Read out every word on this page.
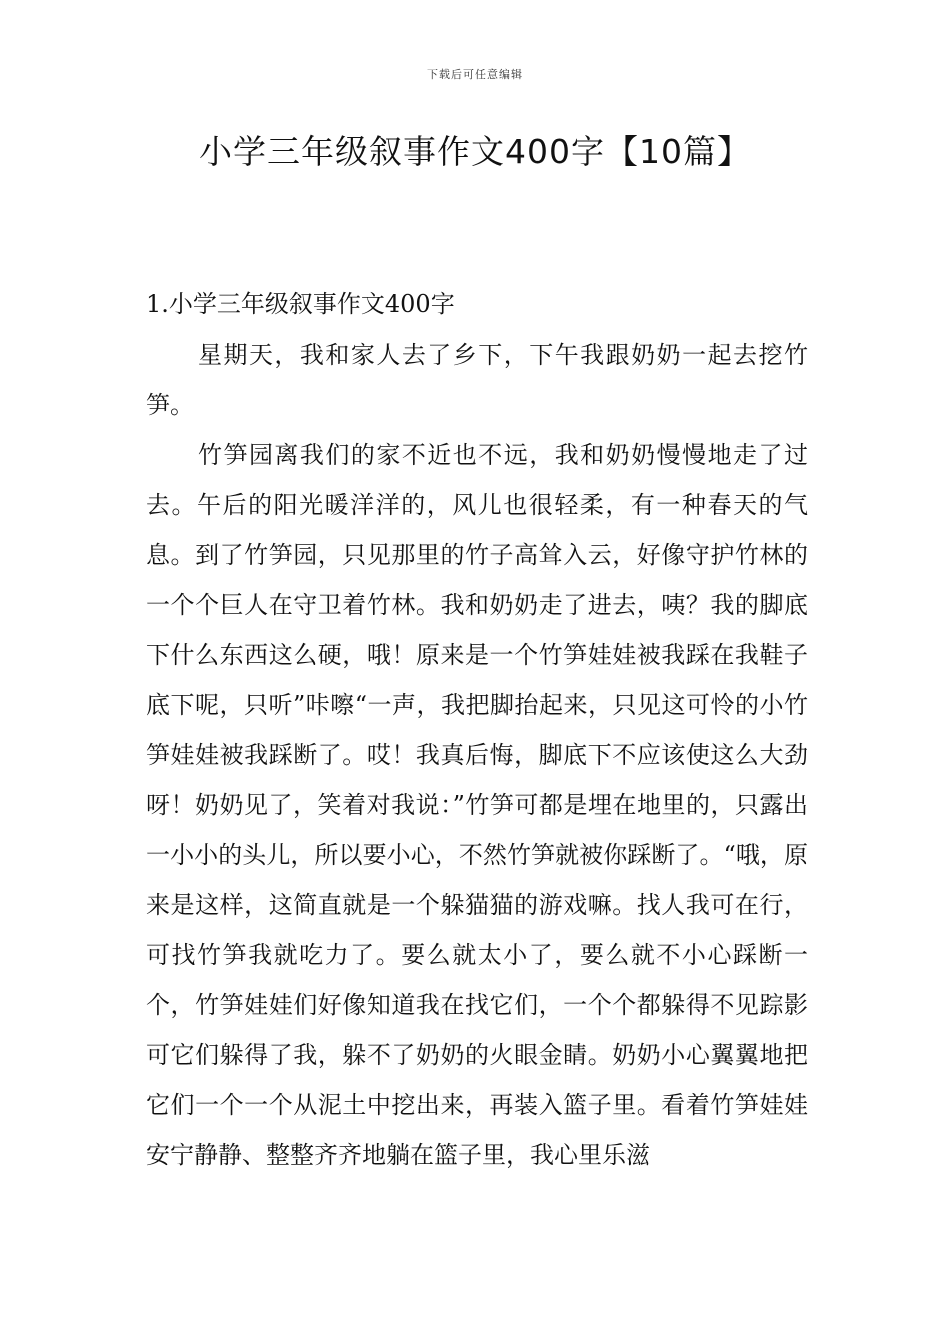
下载后可任意编辑
小学三年级叙事作文400字【10篇】
1.小学三年级叙事作文400字

星期天，我和家人去了乡下，下午我跟奶奶一起去挖竹笋。

竹笋园离我们的家不近也不远，我和奶奶慢慢地走了过去。午后的阳光暖洋洋的，风儿也很轻柔，有一种春天的气息。到了竹笋园，只见那里的竹子高耸入云，好像守护竹林的一个个巨人在守卫着竹林。我和奶奶走了进去，咦？我的脚底下什么东西这么硬，哦！原来是一个竹笋娃娃被我踩在我鞋子底下呢，只听”咔嚓“一声，我把脚抬起来，只见这可怜的小竹笋娃娃被我踩断了。哎！我真后悔，脚底下不应该使这么大劲呀！奶奶见了，笑着对我说：”竹笋可都是埋在地里的，只露出一小小的头儿，所以要小心，不然竹笋就被你踩断了。“哦，原来是这样，这简直就是一个躲猫猫的游戏嘛。找人我可在行，可找竹笋我就吃力了。要么就太小了，要么就不小心踩断一个，竹笋娃娃们好像知道我在找它们，一个个都躲得不见踪影可它们躲得了我，躲不了奶奶的火眼金睛。奶奶小心翼翼地把它们一个一个从泥土中挖出来，再装入篮子里。看着竹笋娃娃安宁静静、整整齐齐地躺在篮子里，我心里乐滋
